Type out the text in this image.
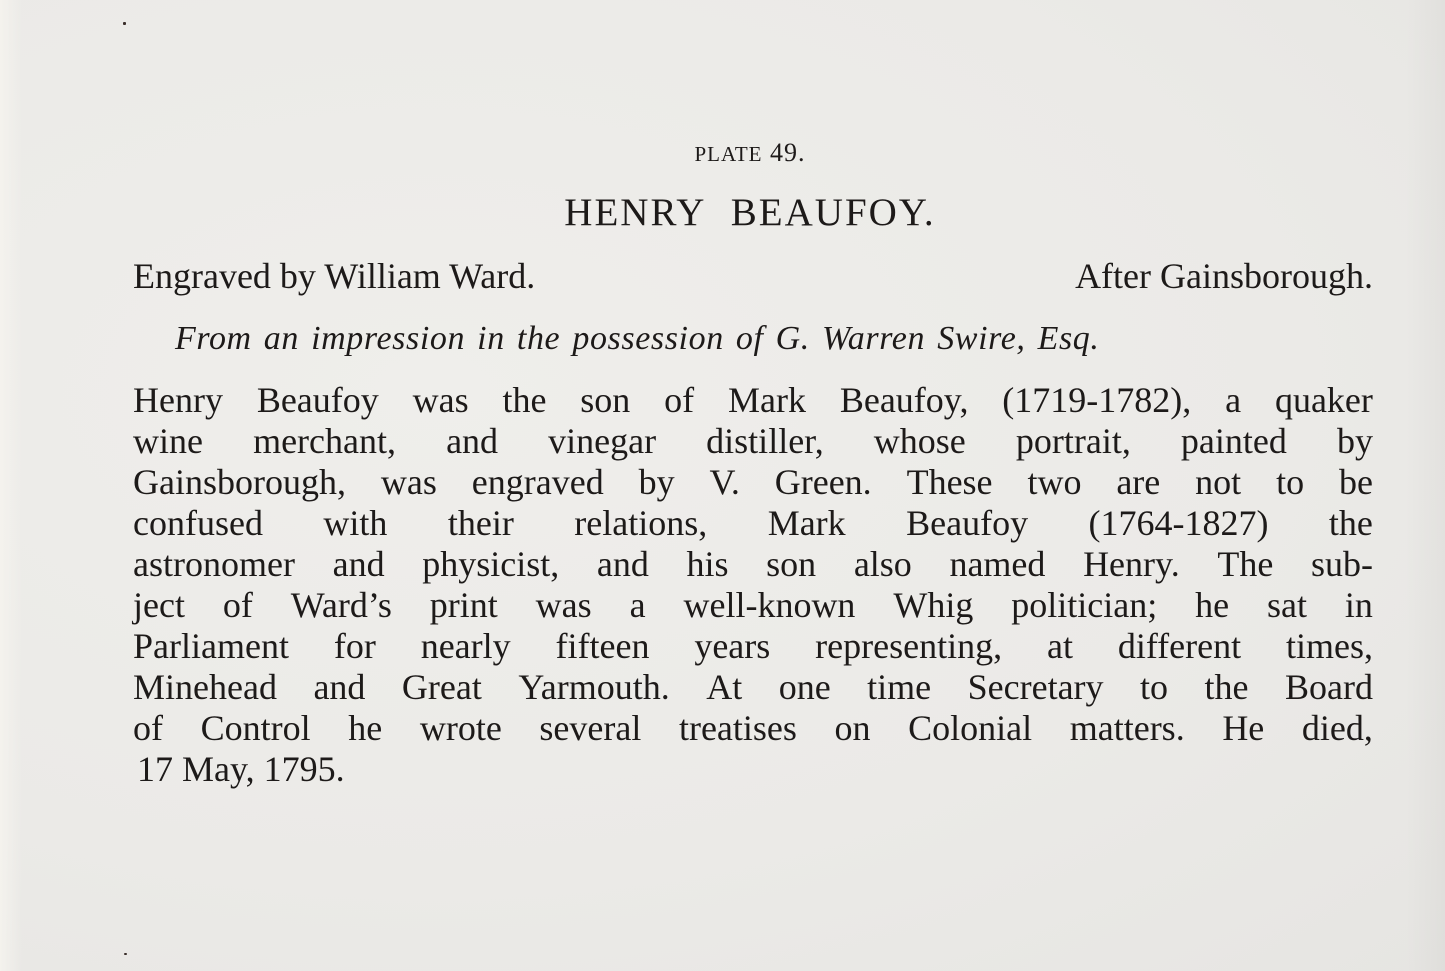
PLATE 49.
HENRY BEAUFOY.
Engraved by William Ward.	After Gainsborough.
From an impression in the possession of G. Warren Swire, Esq.
Henry Beaufoy was the son of Mark Beaufoy, (1719-1782), a quaker
wine merchant, and vinegar distiller, whose portrait, painted by
Gainsborough, was engraved by V. Green. These two are not to be
confused with their relations, Mark Beaufoy (1764-1827) the
astronomer and physicist, and his son also named Henry. The sub-
ject of Ward’s print was a well-known Whig politician; he sat in
Parliament for nearly fifteen years representing, at different times,
Minehead and Great Yarmouth. At one time Secretary to the Board
of Control he wrote several treatises on Colonial matters. He died,
17 May, 1795.
